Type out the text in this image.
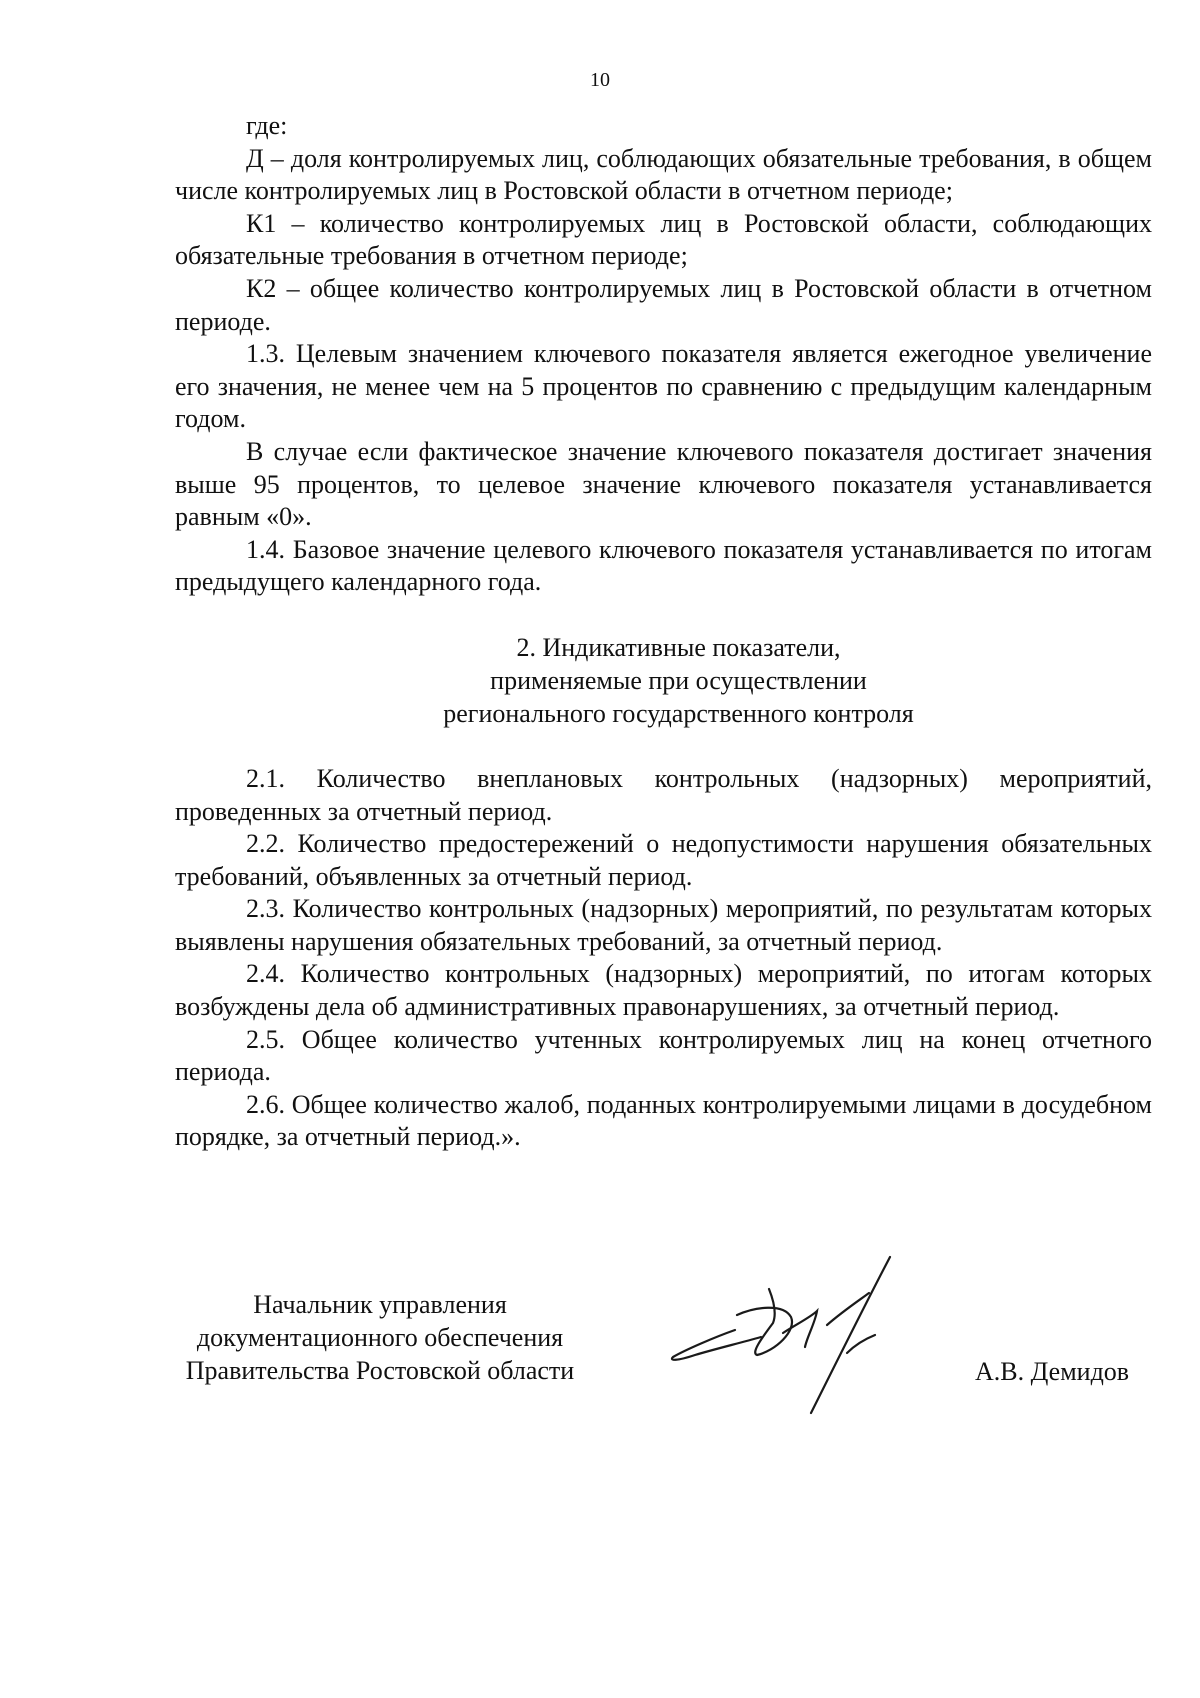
10

где:

Д – доля контролируемых лиц, соблюдающих обязательные требования, в общем числе контролируемых лиц в Ростовской области в отчетном периоде;

К1 – количество контролируемых лиц в Ростовской области, соблюдающих обязательные требования в отчетном периоде;

К2 – общее количество контролируемых лиц в Ростовской области в отчетном периоде.

1.3. Целевым значением ключевого показателя является ежегодное увеличение его значения, не менее чем на 5 процентов по сравнению с предыдущим календарным годом.

В случае если фактическое значение ключевого показателя достигает значения выше 95 процентов, то целевое значение ключевого показателя устанавливается равным «0».

1.4. Базовое значение целевого ключевого показателя устанавливается по итогам предыдущего календарного года.

2. Индикативные показатели,
применяемые при осуществлении
регионального государственного контроля

2.1. Количество внеплановых контрольных (надзорных) мероприятий, проведенных за отчетный период.

2.2. Количество предостережений о недопустимости нарушения обязательных требований, объявленных за отчетный период.

2.3. Количество контрольных (надзорных) мероприятий, по результатам которых выявлены нарушения обязательных требований, за отчетный период.

2.4. Количество контрольных (надзорных) мероприятий, по итогам которых возбуждены дела об административных правонарушениях, за отчетный период.

2.5. Общее количество учтенных контролируемых лиц на конец отчетного периода.

2.6. Общее количество жалоб, поданных контролируемыми лицами в досудебном порядке, за отчетный период.».

Начальник управления
документационного обеспечения
Правительства Ростовской области	А.В. Демидов
